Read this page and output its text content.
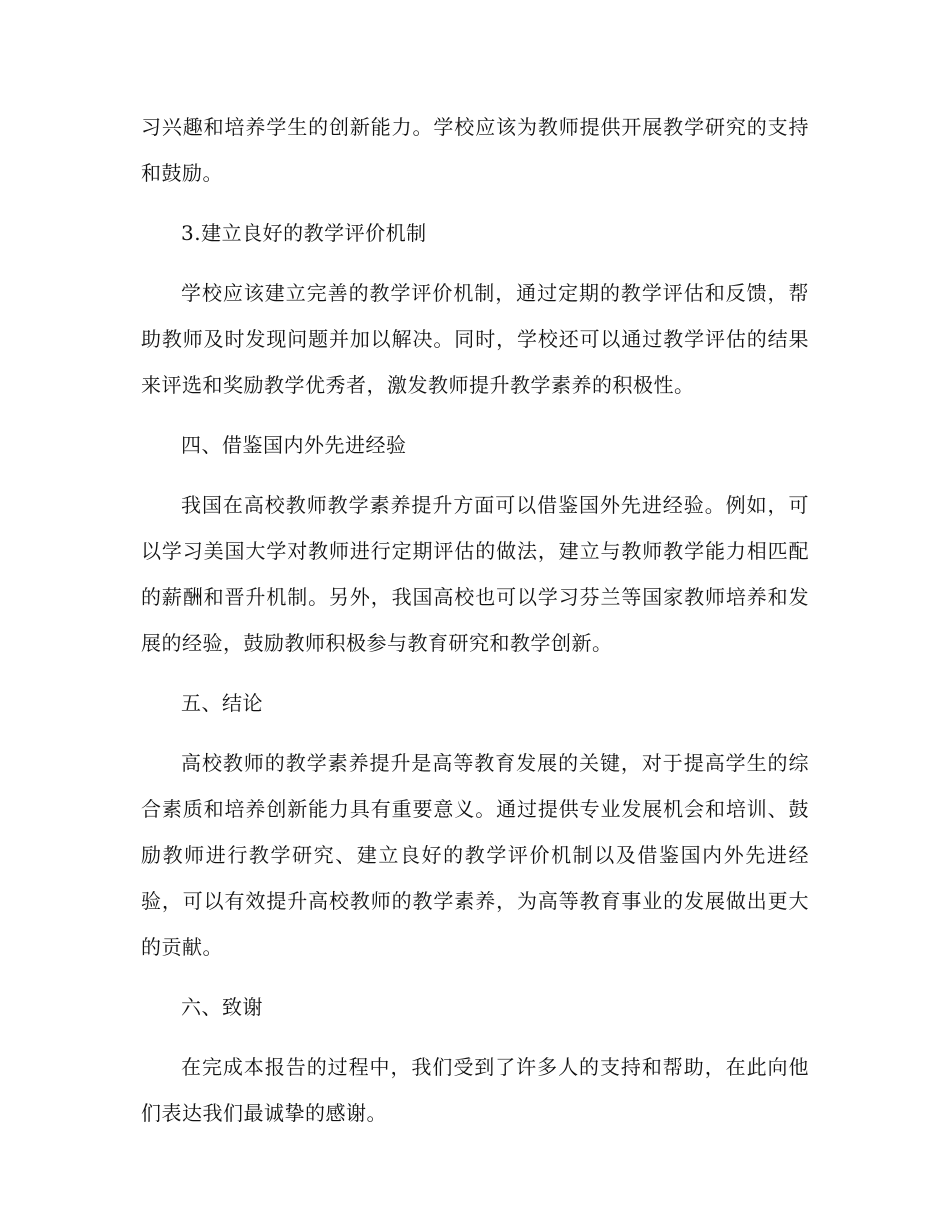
习兴趣和培养学生的创新能力。学校应该为教师提供开展教学研究的支持和鼓励。

3.建立良好的教学评价机制

学校应该建立完善的教学评价机制，通过定期的教学评估和反馈，帮助教师及时发现问题并加以解决。同时，学校还可以通过教学评估的结果来评选和奖励教学优秀者，激发教师提升教学素养的积极性。

四、借鉴国内外先进经验

我国在高校教师教学素养提升方面可以借鉴国外先进经验。例如，可以学习美国大学对教师进行定期评估的做法，建立与教师教学能力相匹配的薪酬和晋升机制。另外，我国高校也可以学习芬兰等国家教师培养和发展的经验，鼓励教师积极参与教育研究和教学创新。

五、结论

高校教师的教学素养提升是高等教育发展的关键，对于提高学生的综合素质和培养创新能力具有重要意义。通过提供专业发展机会和培训、鼓励教师进行教学研究、建立良好的教学评价机制以及借鉴国内外先进经验，可以有效提升高校教师的教学素养，为高等教育事业的发展做出更大的贡献。

六、致谢

在完成本报告的过程中，我们受到了许多人的支持和帮助，在此向他们表达我们最诚挚的感谢。
